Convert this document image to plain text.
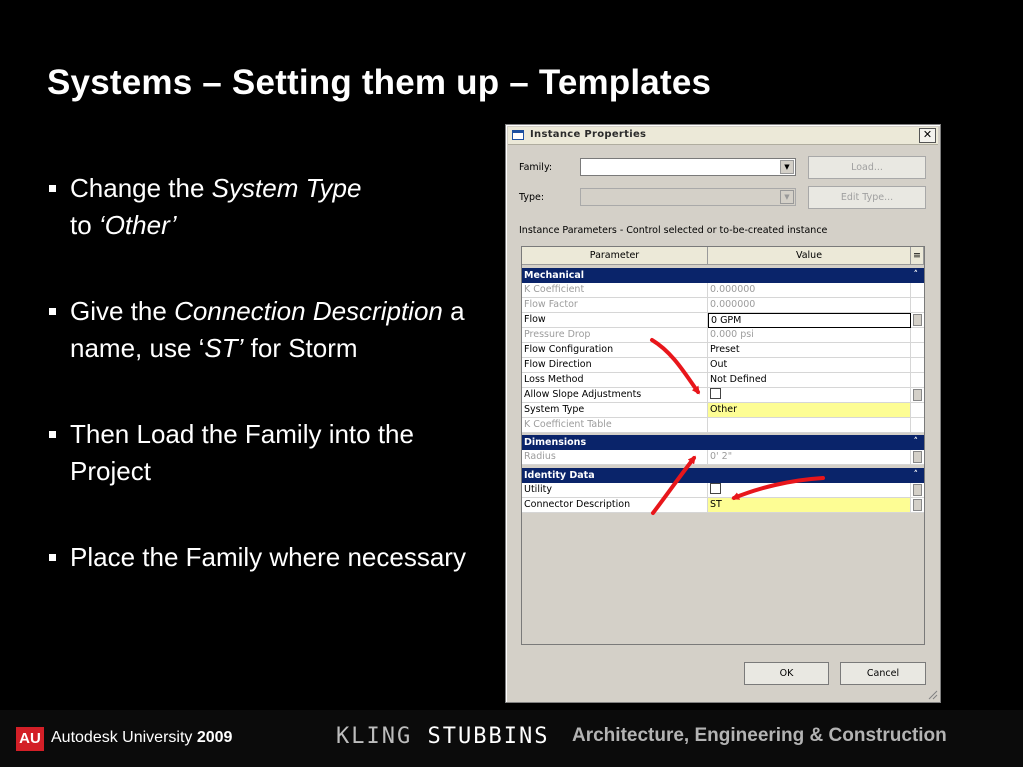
Systems – Setting them up – Templates
Change the System Type
to ‘Other’
Give the Connection Description a name, use ‘ST’ for Storm
Then Load the Family into the Project
Place the Family where necessary
Instance Properties	✕
Family:	▼	Load...
Type:	▼	Edit Type...
Instance Parameters - Control selected or to-be-created instance
Parameter	Value	≡
Mechanical	˄
K Coefficient	0.000000
Flow Factor	0.000000
Flow	0 GPM
Pressure Drop	0.000 psi
Flow Configuration	Preset
Flow Direction	Out
Loss Method	Not Defined
Allow Slope Adjustments
System Type	Other
K Coefficient Table
Dimensions	˄
Radius	0' 2"
Identity Data	˄
Utility
Connector Description	ST
OK	Cancel
AU Autodesk University 2009	KLING STUBBINS Architecture, Engineering & Construction
